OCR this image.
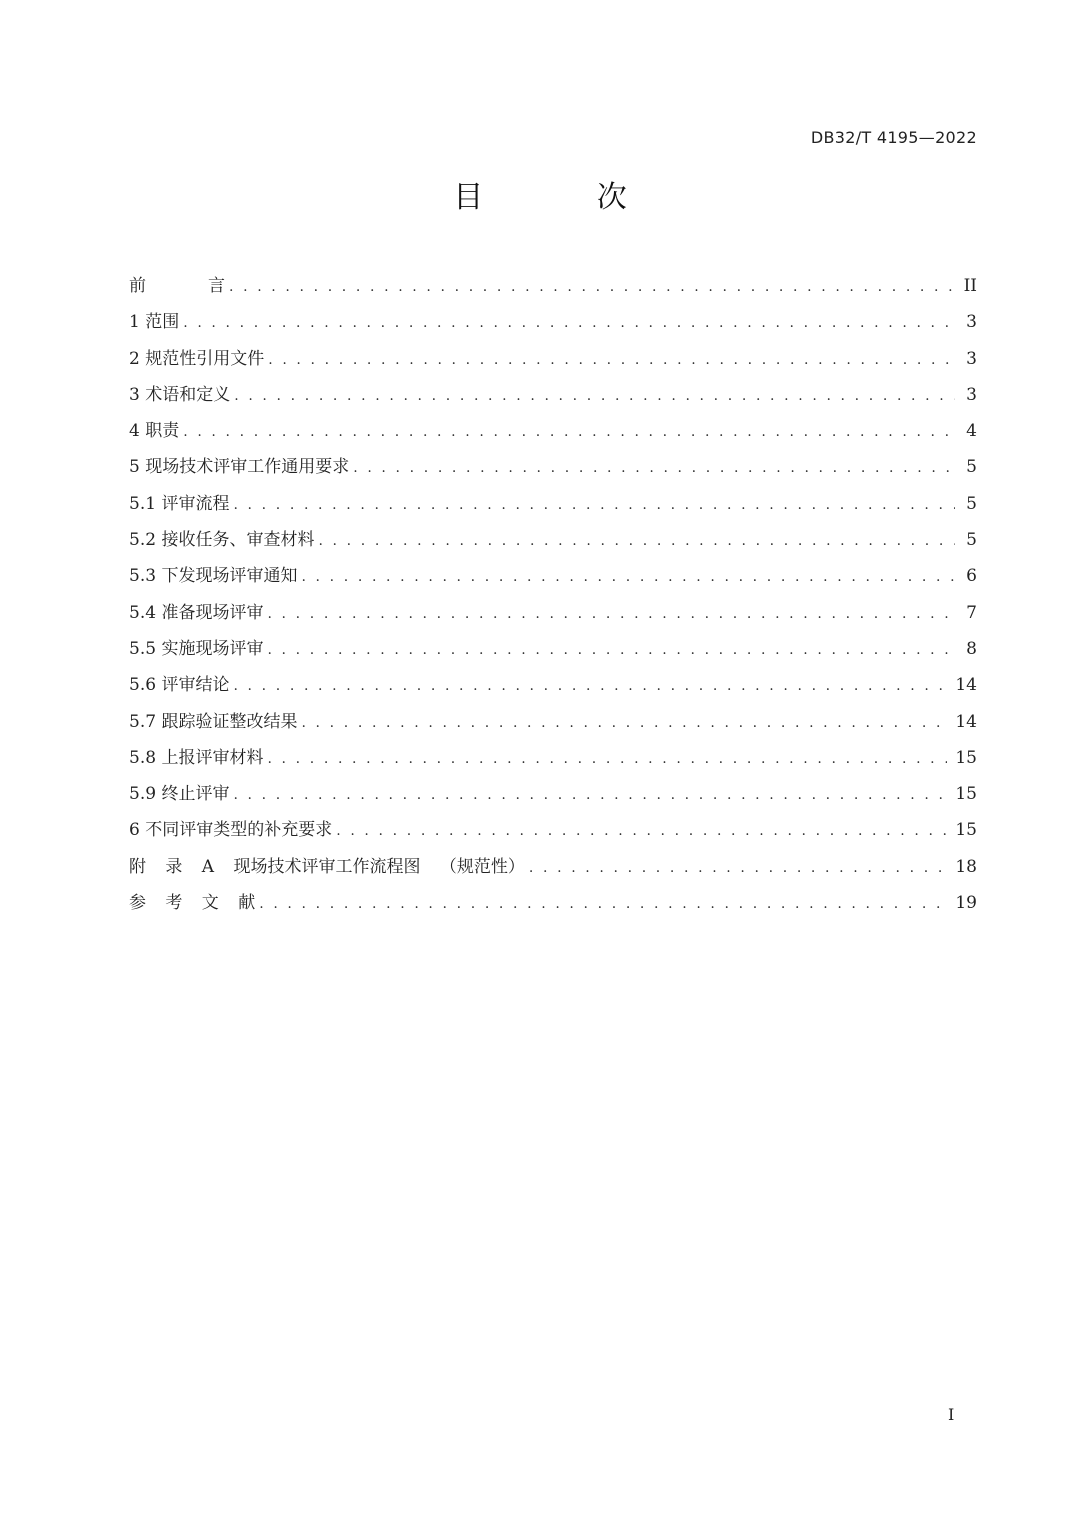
DB32/T 4195—2022
目 次
前	言 . . .	II
1 范围 . . .	3
2 规范性引用文件 . . .	3
3 术语和定义 . . .	3
4 职责 . . .	4
5 现场技术评审工作通用要求 . . .	5
5.1 评审流程 . . .	5
5.2 接收任务、审查材料 . . .	5
5.3 下发现场评审通知 . . .	6
5.4 准备现场评审 . . .	7
5.5 实施现场评审 . . .	8
5.6 评审结论 . . .	14
5.7 跟踪验证整改结果 . . .	14
5.8 上报评审材料 . . .	15
5.9 终止评审 . . .	15
6 不同评审类型的补充要求 . . .	15
附 录 A 现场技术评审工作流程图 （规范性） . . .	18
参 考 文 献 . . .	19
I
